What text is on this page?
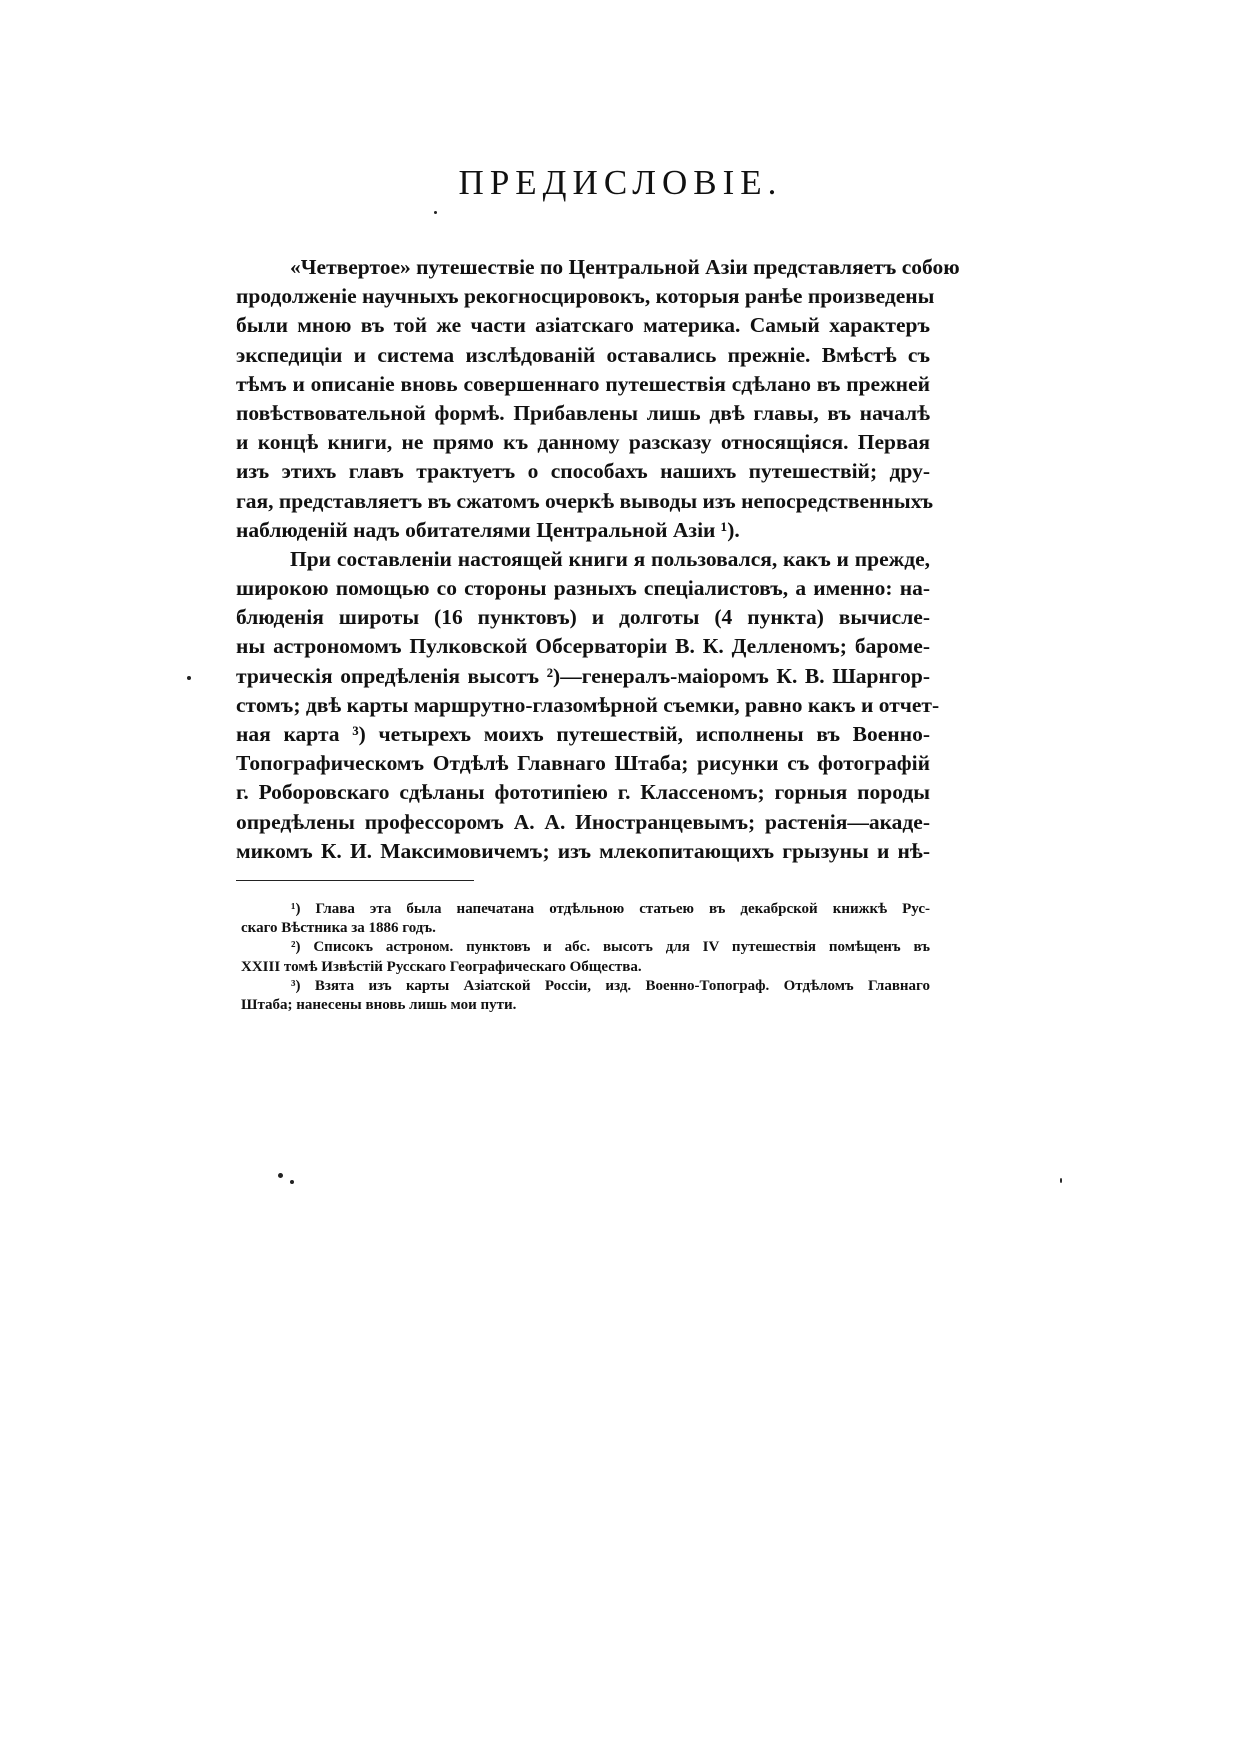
ПРЕДИСЛОВІЕ.
«Четвертое» путешествіе по Центральной Азіи представляетъ собою
продолженіе научныхъ рекогносцировокъ, которыя ранѣе произведены
были мною въ той же части азіатскаго материка. Самый характеръ
экспедиціи и система изслѣдованій оставались прежніе. Вмѣстѣ съ
тѣмъ и описаніе вновь совершеннаго путешествія сдѣлано въ прежней
повѣствовательной формѣ. Прибавлены лишь двѣ главы, въ началѣ
и концѣ книги, не прямо къ данному разсказу относящіяся. Первая
изъ этихъ главъ трактуетъ о способахъ нашихъ путешествій; дру-
гая, представляетъ въ сжатомъ очеркѣ выводы изъ непосредственныхъ
наблюденій надъ обитателями Центральной Азіи ¹).
При составленіи настоящей книги я пользовался, какъ и прежде,
широкою помощью со стороны разныхъ спеціалистовъ, а именно: на-
блюденія широты (16 пунктовъ) и долготы (4 пункта) вычисле-
ны астрономомъ Пулковской Обсерваторіи В. К. Делленомъ; бароме-
трическія опредѣленія высотъ ²)—генералъ-маіоромъ К. В. Шарнгор-
стомъ; двѣ карты маршрутно-глазомѣрной съемки, равно какъ и отчет-
ная карта ³) четырехъ моихъ путешествій, исполнены въ Военно-
Топографическомъ Отдѣлѣ Главнаго Штаба; рисунки съ фотографій
г. Роборовскаго сдѣланы фототипіею г. Классеномъ; горныя породы
опредѣлены профессоромъ А. А. Иностранцевымъ; растенія—акаде-
микомъ К. И. Максимовичемъ; изъ млекопитающихъ грызуны и нѣ-
¹) Глава эта была напечатана отдѣльною статьею въ декабрской книжкѣ Рус-
скаго Вѣстника за 1886 годъ.
²) Списокъ астроном. пунктовъ и абс. высотъ для IV путешествія помѣщенъ въ
XXIII томѣ Извѣстій Русскаго Географическаго Общества.
³) Взята изъ карты Азіатской Россіи, изд. Военно-Топограф. Отдѣломъ Главнаго
Штаба; нанесены вновь лишь мои пути.
